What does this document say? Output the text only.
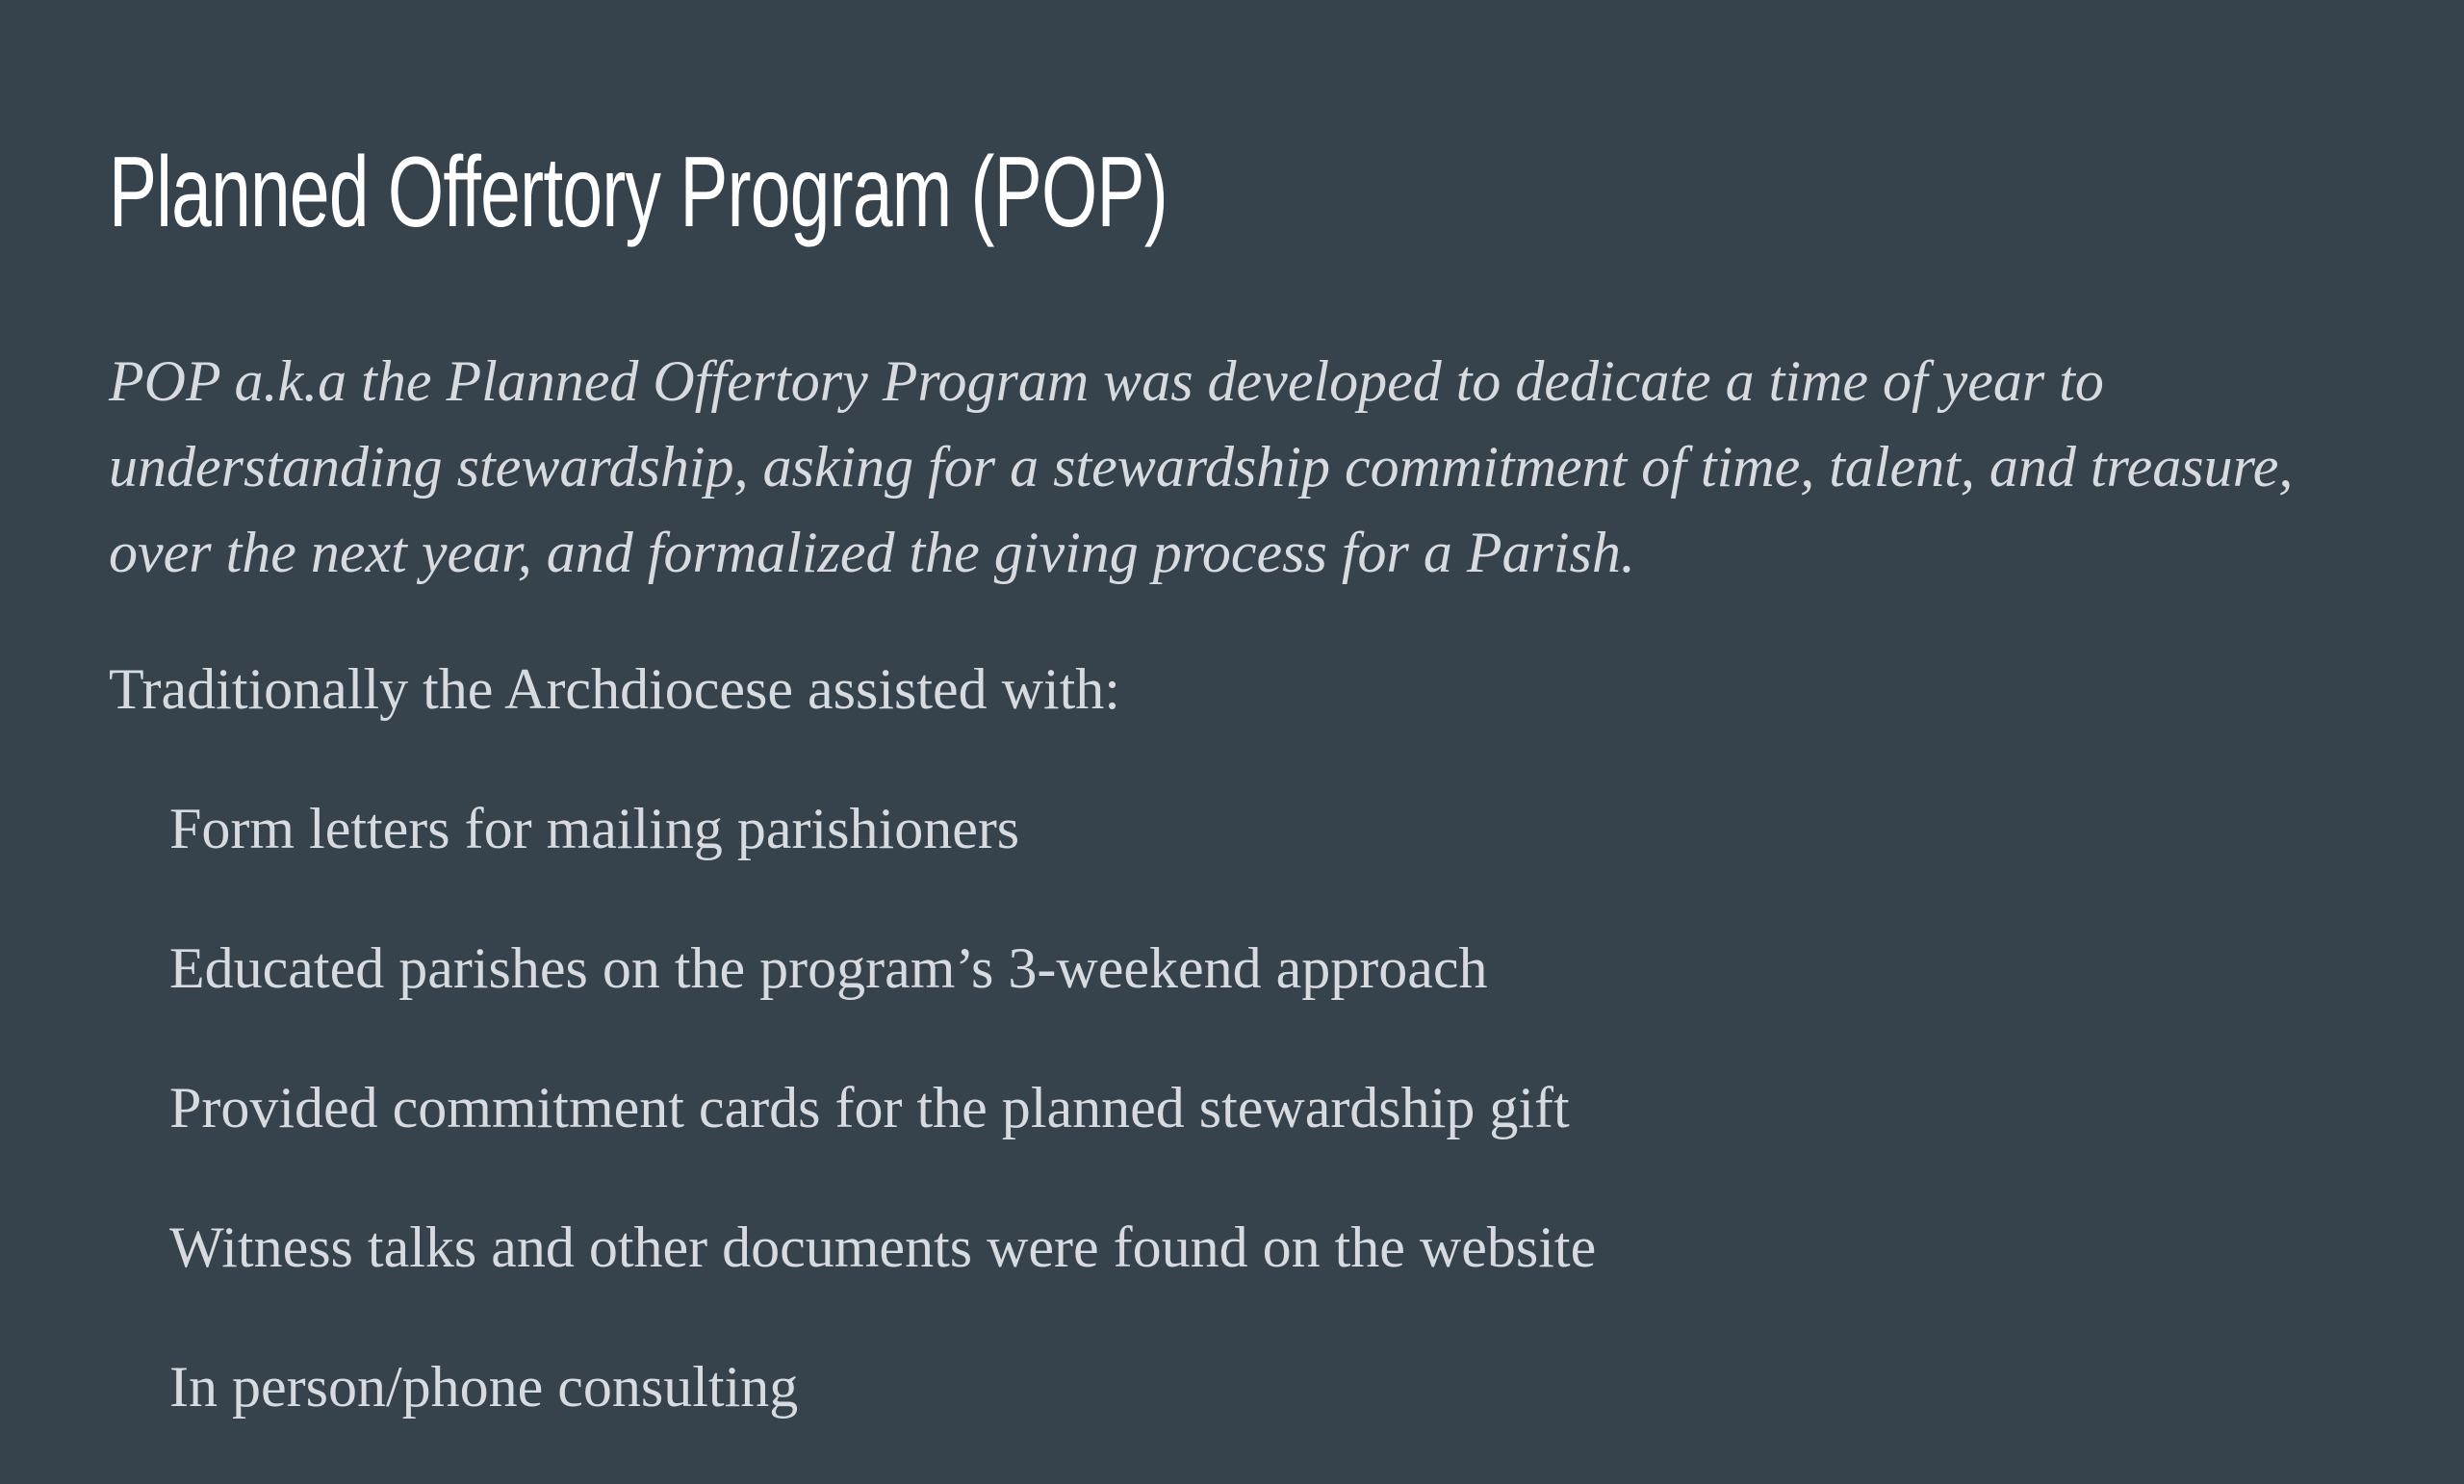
Planned Offertory Program (POP)

POP a.k.a the Planned Offertory Program was developed to dedicate a time of year to understanding stewardship, asking for a stewardship commitment of time, talent, and treasure, over the next year, and formalized the giving process for a Parish.

Traditionally the Archdiocese assisted with:

Form letters for mailing parishioners
Educated parishes on the program’s 3-weekend approach
Provided commitment cards for the planned stewardship gift
Witness talks and other documents were found on the website
In person/phone consulting
